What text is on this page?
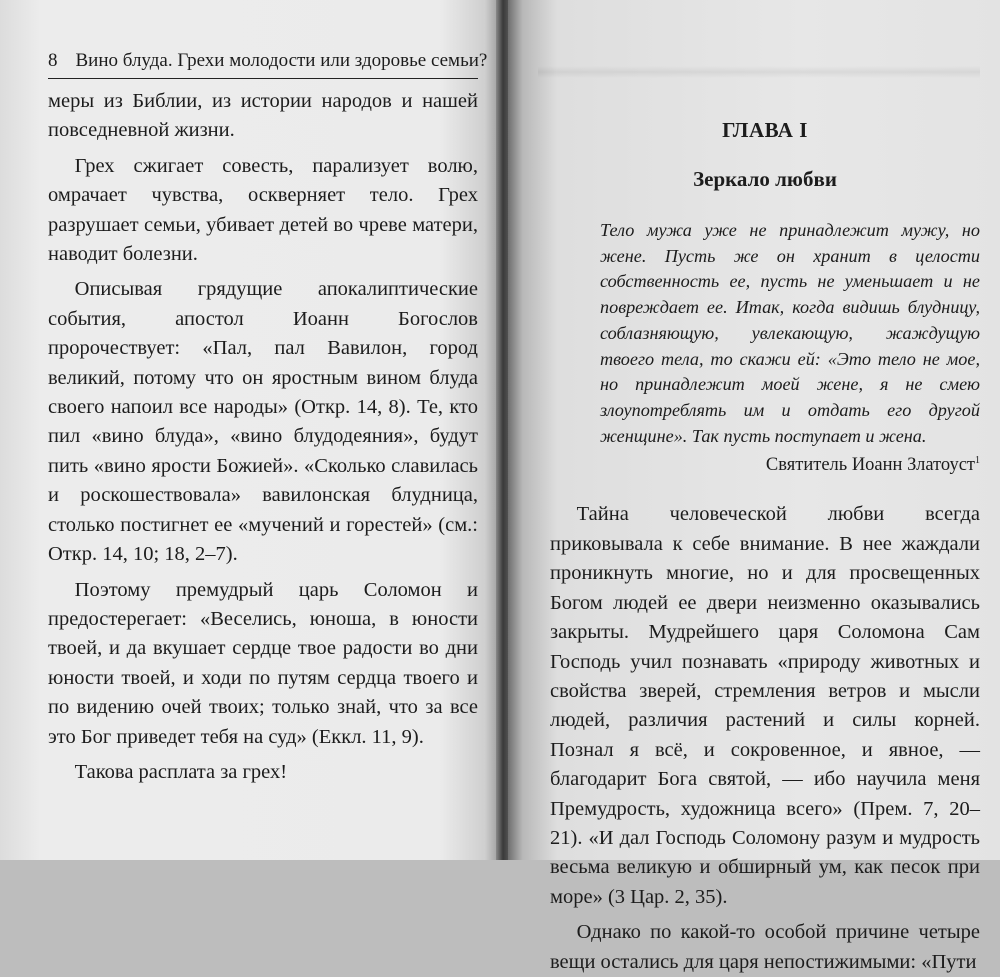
8 Вино блуда. Грехи молодости или здоровье семьи?

меры из Библии, из истории народов и нашей повседневной жизни.

Грех сжигает совесть, парализует волю, омрачает чувства, оскверняет тело. Грех разрушает семьи, убивает детей во чреве матери, наводит болезни.

Описывая грядущие апокалиптические события, апостол Иоанн Богослов пророчествует: «Пал, пал Вавилон, город великий, потому что он яростным вином блуда своего напоил все народы» (Откр. 14, 8). Те, кто пил «вино блуда», «вино блудодеяния», будут пить «вино ярости Божией». «Сколько славилась и роскошествовала» вавилонская блудница, столько постигнет ее «мучений и горестей» (см.: Откр. 14, 10; 18, 2–7).

Поэтому премудрый царь Соломон и предостерегает: «Веселись, юноша, в юности твоей, и да вкушает сердце твое радости во дни юности твоей, и ходи по путям сердца твоего и по видению очей твоих; только знай, что за все это Бог приведет тебя на суд» (Еккл. 11, 9).

Такова расплата за грех!

ГЛАВА I
Зеркало любви
Тело мужа уже не принадлежит мужу, но жене. Пусть же он хранит в целости собственность ее, пусть не уменьшает и не повреждает ее. Итак, когда видишь блудницу, соблазняющую, увлекающую, жаждущую твоего тела, то скажи ей: «Это тело не мое, но принадлежит моей жене, я не смею злоупотреблять им и отдать его другой женщине». Так пусть поступает и жена.
Святитель Иоанн Златоуст$^1$

Тайна человеческой любви всегда приковывала к себе внимание. В нее жаждали проникнуть многие, но и для просвещенных Богом людей ее двери неизменно оказывались закрыты. Мудрейшего царя Соломона Сам Господь учил познавать «природу животных и свойства зверей, стремления ветров и мысли людей, различия растений и силы корней. Познал я всё, и сокровенное, и явное, — благодарит Бога святой, — ибо научила меня Премудрость, художница всего» (Прем. 7, 20–21). «И дал Господь Соломону разум и мудрость весьма великую и обширный ум, как песок при море» (3 Цар. 2, 35).

Однако по какой-то особой причине четыре вещи остались для царя непостижимыми: «Пути
